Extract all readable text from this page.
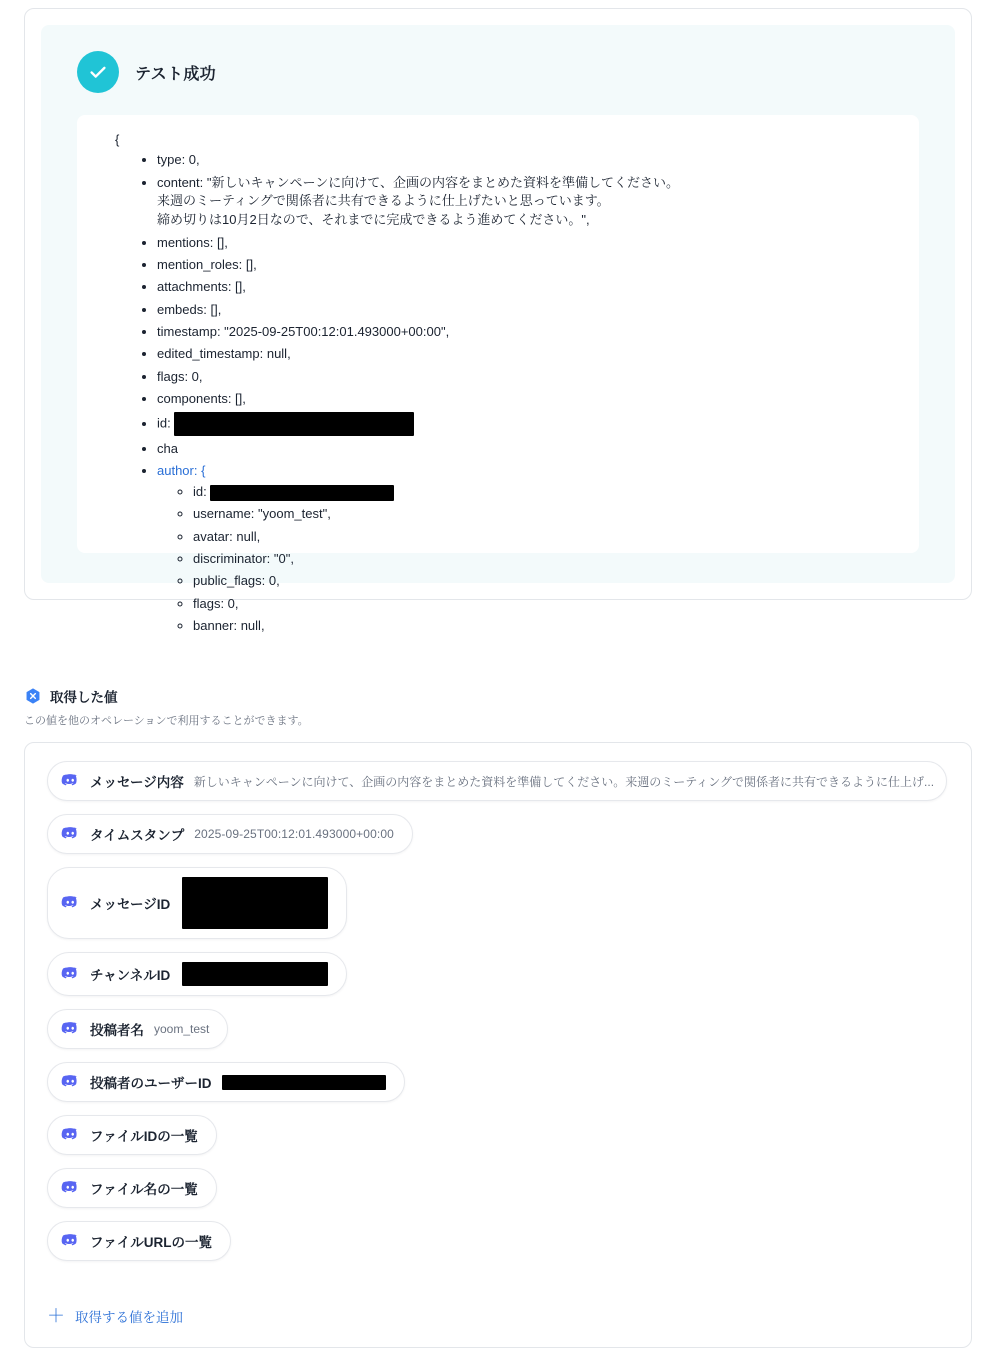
テスト成功
{
• type: 0,
• content: "新しいキャンペーンに向けて、企画の内容をまとめた資料を準備してください。
来週のミーティングで関係者に共有できるように仕上げたいと思っています。
締め切りは10月2日なので、それまでに完成できるよう進めてください。",
• mentions: [],
• mention_roles: [],
• attachments: [],
• embeds: [],
• timestamp: "2025-09-25T00:12:01.493000+00:00",
• edited_timestamp: null,
• flags: 0,
• components: [],
• id:
• cha
• author: {
◦ id:
◦ username: "yoom_test",
◦ avatar: null,
◦ discriminator: "0",
◦ public_flags: 0,
◦ flags: 0,
◦ banner: null,
取得した値

この値を他のオペレーションで利用することができます。

メッセージ内容 新しいキャンペーンに向けて、企画の内容をまとめた資料を準備してください。来週のミーティングで関係者に共有できるように仕上げ...
タイムスタンプ 2025-09-25T00:12:01.493000+00:00
メッセージID
チャンネルID
投稿者名 yoom_test
投稿者のユーザーID
ファイルIDの一覧
ファイル名の一覧
ファイルURLの一覧
＋ 取得する値を追加
